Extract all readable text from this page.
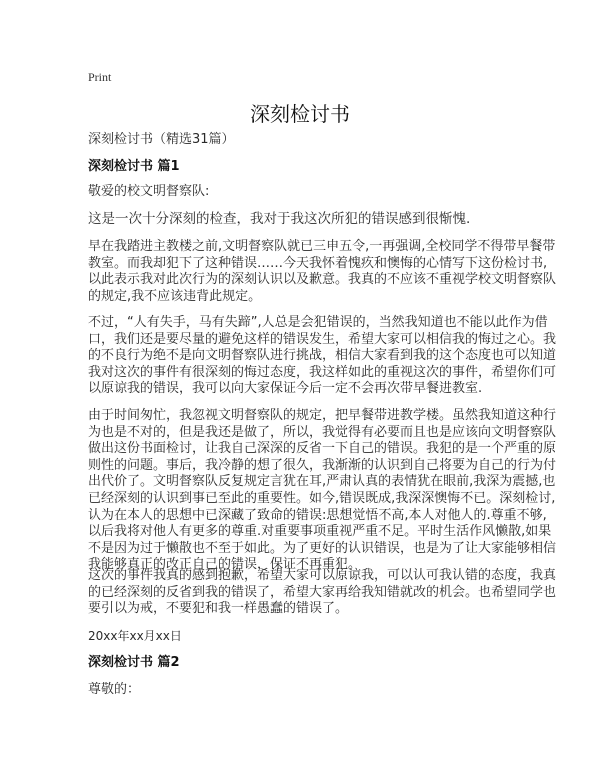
Print
深刻检讨书
深刻检讨书（精选31篇）
深刻检讨书 篇1
敬爱的校文明督察队:
这是一次十分深刻的检查，我对于我这次所犯的错误感到很惭愧.
早在我踏进主教楼之前,文明督察队就已三申五令,一再强调,全校同学不得带早餐带
教室。而我却犯下了这种错误……今天我怀着愧疚和懊悔的心情写下这份检讨书,
以此表示我对此次行为的深刻认识以及歉意。我真的不应该不重视学校文明督察队
的规定,我不应该违背此规定。
不过，“人有失手，马有失蹄”,人总是会犯错误的，当然我知道也不能以此作为借
口，我们还是要尽量的避免这样的错误发生，希望大家可以相信我的悔过之心。我
的不良行为绝不是向文明督察队进行挑战，相信大家看到我的这个态度也可以知道
我对这次的事件有很深刻的悔过态度，我这样如此的重视这次的事件，希望你们可
以原谅我的错误，我可以向大家保证今后一定不会再次带早餐进教室.
由于时间匆忙，我忽视文明督察队的规定，把早餐带进教学楼。虽然我知道这种行
为也是不对的，但是我还是做了，所以，我觉得有必要而且也是应该向文明督察队
做出这份书面检讨，让我自己深深的反省一下自己的错误。我犯的是一个严重的原
则性的问题。事后，我冷静的想了很久，我渐渐的认识到自己将要为自己的行为付
出代价了。文明督察队反复规定言犹在耳,严肃认真的表情犹在眼前,我深为震撼,也
已经深刻的认识到事已至此的重要性。如今,错误既成,我深深懊悔不已。深刻检讨,
认为在本人的思想中已深藏了致命的错误:思想觉悟不高,本人对他人的.尊重不够,
以后我将对他人有更多的尊重.对重要事项重视严重不足。平时生活作风懒散,如果
不是因为过于懒散也不至于如此。为了更好的认识错误，也是为了让大家能够相信
我能够真正的改正自己的错误，保证不再重犯。
这次的事件我真的感到抱歉，希望大家可以原谅我，可以认可我认错的态度，我真
的已经深刻的反省到我的错误了，希望大家再给我知错就改的机会。也希望同学也
要引以为戒，不要犯和我一样愚蠢的错误了。
20xx年xx月xx日
深刻检讨书 篇2
尊敬的：
